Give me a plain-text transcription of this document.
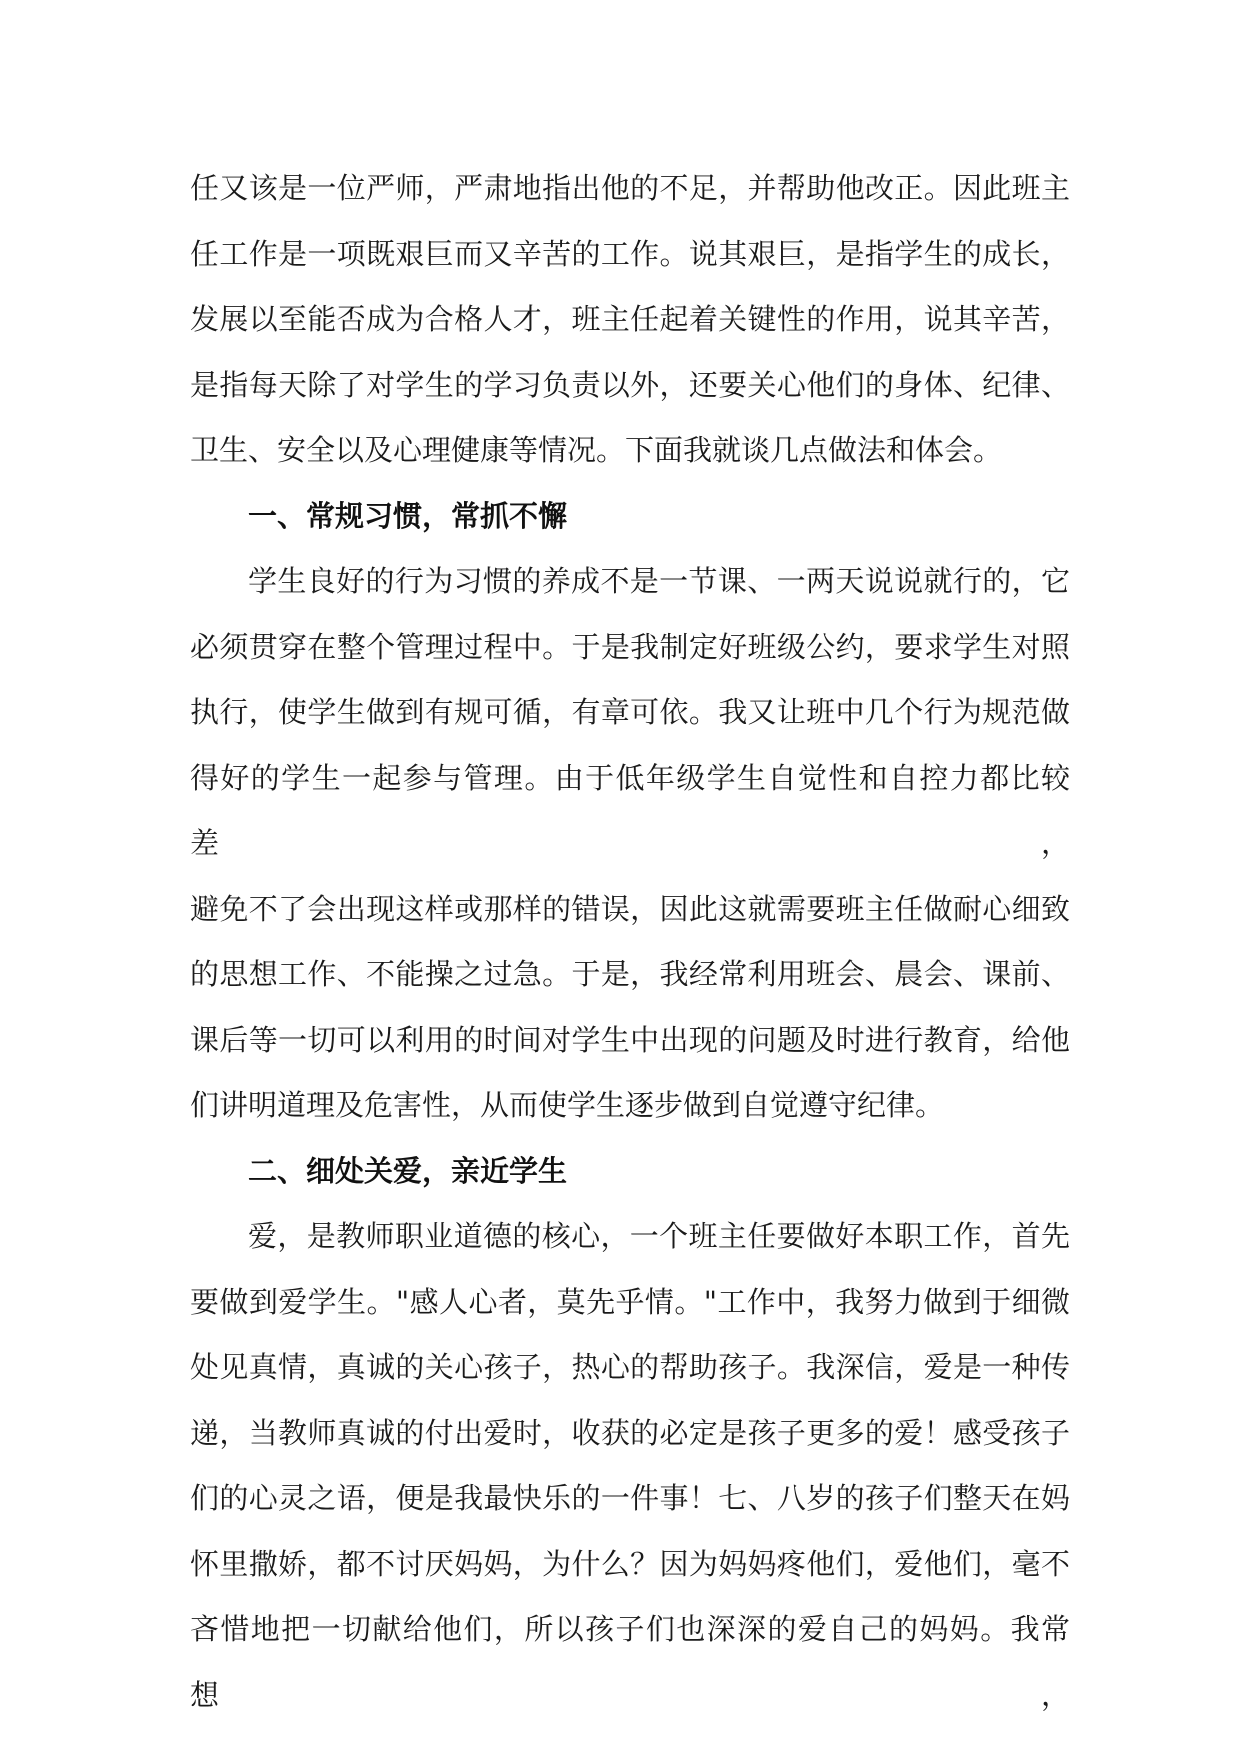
任又该是一位严师，严肃地指出他的不足，并帮助他改正。因此班主

任工作是一项既艰巨而又辛苦的工作。说其艰巨，是指学生的成长，

发展以至能否成为合格人才，班主任起着关键性的作用，说其辛苦，

是指每天除了对学生的学习负责以外，还要关心他们的身体、纪律、

卫生、安全以及心理健康等情况。下面我就谈几点做法和体会。

一、常规习惯，常抓不懈

学生良好的行为习惯的养成不是一节课、一两天说说就行的，它

必须贯穿在整个管理过程中。于是我制定好班级公约，要求学生对照

执行，使学生做到有规可循，有章可依。我又让班中几个行为规范做

得好的学生一起参与管理。由于低年级学生自觉性和自控力都比较差，

避免不了会出现这样或那样的错误，因此这就需要班主任做耐心细致

的思想工作、不能操之过急。于是，我经常利用班会、晨会、课前、

课后等一切可以利用的时间对学生中出现的问题及时进行教育，给他

们讲明道理及危害性，从而使学生逐步做到自觉遵守纪律。

二、细处关爱，亲近学生

爱，是教师职业道德的核心，一个班主任要做好本职工作，首先

要做到爱学生。"感人心者，莫先乎情。"工作中，我努力做到于细微

处见真情，真诚的关心孩子，热心的帮助孩子。我深信，爱是一种传

递，当教师真诚的付出爱时，收获的必定是孩子更多的爱！感受孩子

们的心灵之语，便是我最快乐的一件事！七、八岁的孩子们整天在妈

怀里撒娇，都不讨厌妈妈，为什么？因为妈妈疼他们，爱他们，毫不

吝惜地把一切献给他们，所以孩子们也深深的爱自己的妈妈。我常想，
